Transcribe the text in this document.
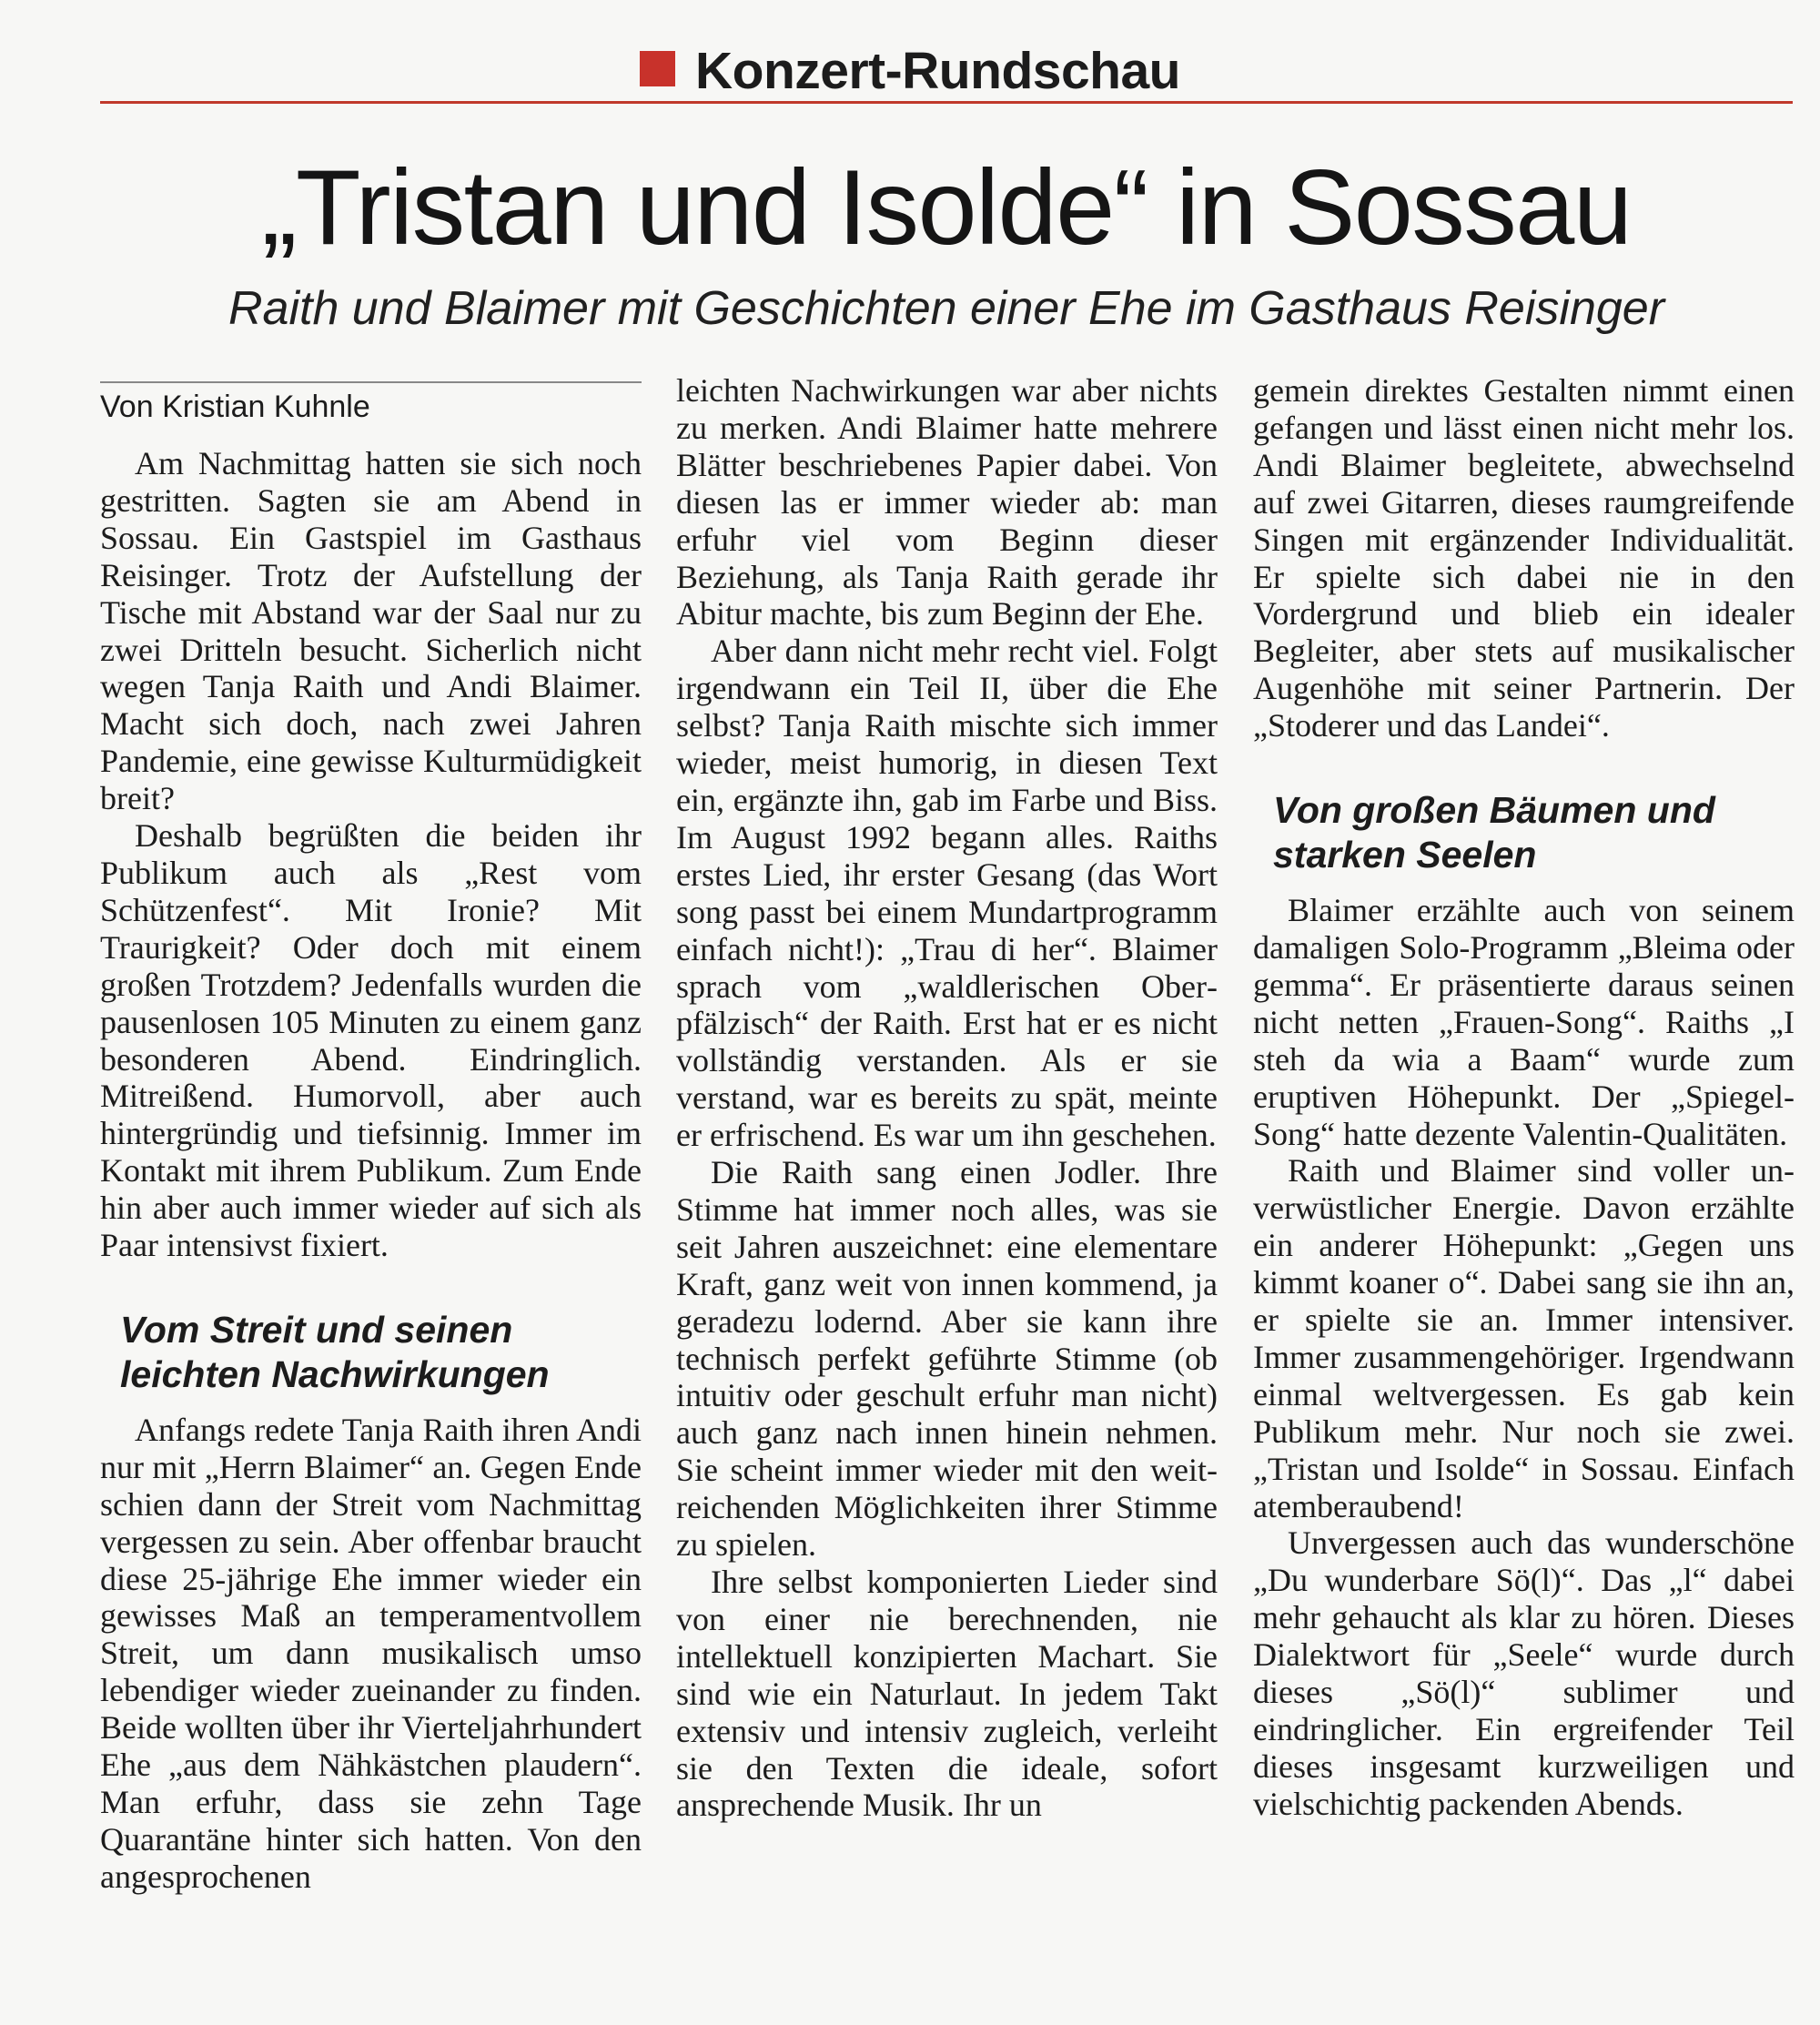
Konzert-Rundschau
„Tristan und Isolde“ in Sossau
Raith und Blaimer mit Geschichten einer Ehe im Gasthaus Reisinger
Von Kristian Kuhnle

Am Nachmittag hatten sie sich noch gestritten. Sagten sie am Abend in Sossau. Ein Gastspiel im Gasthaus Reisinger. Trotz der Aufstellung der Tische mit Abstand war der Saal nur zu zwei Dritteln besucht. Sicherlich nicht wegen Tanja Raith und Andi Blaimer. Macht sich doch, nach zwei Jahren Pandemie, eine gewisse Kulturmüdigkeit breit?

Deshalb begrüßten die beiden ihr Publikum auch als „Rest vom Schützenfest“. Mit Ironie? Mit Traurigkeit? Oder doch mit einem großen Trotzdem? Jedenfalls wurden die pausenlosen 105 Minuten zu einem ganz besonderen Abend. Eindringlich. Mitreißend. Humorvoll, aber auch hintergründig und tiefsinnig. Immer im Kontakt mit ihrem Publikum. Zum Ende hin aber auch immer wieder auf sich als Paar intensivst fixiert.

Vom Streit und seinen leichten Nachwirkungen

Anfangs redete Tanja Raith ihren Andi nur mit „Herrn Blaimer“ an. Gegen Ende schien dann der Streit vom Nachmittag vergessen zu sein. Aber offenbar braucht diese 25-jährige Ehe immer wieder ein gewisses Maß an temperamentvollem Streit, um dann musikalisch umso lebendiger wieder zueinander zu finden. Beide wollten über ihr Vierteljahrhundert Ehe „aus dem Nähkästchen plaudern“. Man erfuhr, dass sie zehn Tage Quarantäne hinter sich hatten. Von den angesprochenen

leichten Nachwirkungen war aber nichts zu merken. Andi Blaimer hatte mehrere Blätter beschriebenes Papier dabei. Von diesen las er immer wieder ab: man erfuhr viel vom Beginn dieser Beziehung, als Tanja Raith gerade ihr Abitur machte, bis zum Beginn der Ehe.

Aber dann nicht mehr recht viel. Folgt irgendwann ein Teil II, über die Ehe selbst? Tanja Raith mischte sich immer wieder, meist humorig, in diesen Text ein, ergänzte ihn, gab im Farbe und Biss. Im August 1992 begann alles. Raiths erstes Lied, ihr erster Gesang (das Wort song passt bei einem Mundartprogramm einfach nicht!): „Trau di her“. Blaimer sprach vom „waldlerischen Oberpfälzisch“ der Raith. Erst hat er es nicht vollständig verstanden. Als er sie verstand, war es bereits zu spät, meinte er erfrischend. Es war um ihn geschehen.

Die Raith sang einen Jodler. Ihre Stimme hat immer noch alles, was sie seit Jahren auszeichnet: eine elementare Kraft, ganz weit von innen kommend, ja geradezu lodernd. Aber sie kann ihre technisch perfekt geführte Stimme (ob intuitiv oder geschult erfuhr man nicht) auch ganz nach innen hinein nehmen. Sie scheint immer wieder mit den weitreichenden Möglichkeiten ihrer Stimme zu spielen.

Ihre selbst komponierten Lieder sind von einer nie berechnenden, nie intellektuell konzipierten Machart. Sie sind wie ein Naturlaut. In jedem Takt extensiv und intensiv zugleich, verleiht sie den Texten die ideale, sofort ansprechende Musik. Ihr un

gemein direktes Gestalten nimmt einen gefangen und lässt einen nicht mehr los. Andi Blaimer begleitete, abwechselnd auf zwei Gitarren, dieses raumgreifende Singen mit ergänzender Individualität. Er spielte sich dabei nie in den Vordergrund und blieb ein idealer Begleiter, aber stets auf musikalischer Augenhöhe mit seiner Partnerin. Der „Stoderer und das Landei“.

Von großen Bäumen und starken Seelen

Blaimer erzählte auch von seinem damaligen Solo-Programm „Bleima oder gemma“. Er präsentierte daraus seinen nicht netten „Frauen-Song“. Raiths „I steh da wia a Baam“ wurde zum eruptiven Höhepunkt. Der „Spiegel-Song“ hatte dezente Valentin-Qualitäten.

Raith und Blaimer sind voller unverwüstlicher Energie. Davon erzählte ein anderer Höhepunkt: „Gegen uns kimmt koaner o“. Dabei sang sie ihn an, er spielte sie an. Immer intensiver. Immer zusammengehöriger. Irgendwann einmal weltvergessen. Es gab kein Publikum mehr. Nur noch sie zwei. „Tristan und Isolde“ in Sossau. Einfach atemberaubend!

Unvergessen auch das wunderschöne „Du wunderbare Sö(l)“. Das „l“ dabei mehr gehaucht als klar zu hören. Dieses Dialektwort für „Seele“ wurde durch dieses „Sö(l)“ sublimer und eindringlicher. Ein ergreifender Teil dieses insgesamt kurzweiligen und vielschichtig packenden Abends.
